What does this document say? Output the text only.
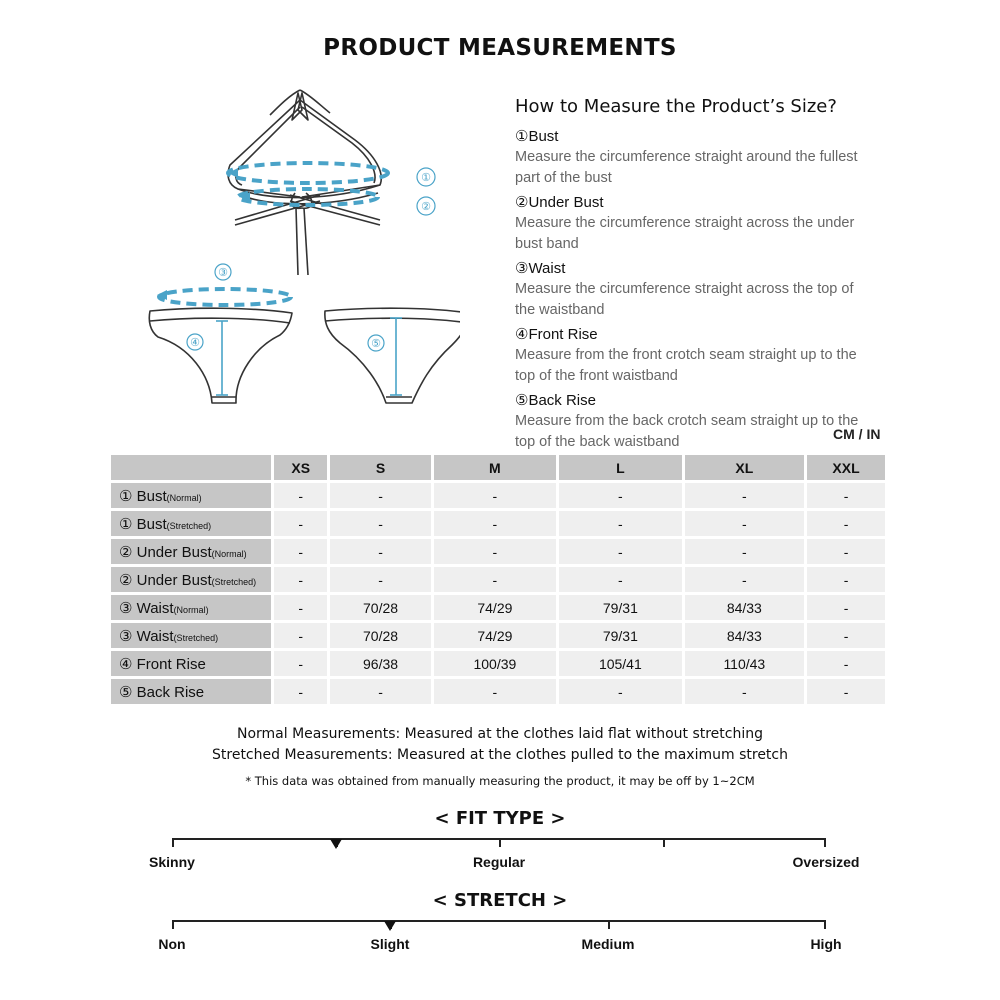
PRODUCT MEASUREMENTS
①
②
③
④	⑤
How to Measure the Product’s Size?
①Bust
Measure the circumference straight around the fullest part of the bust
②Under Bust
Measure the circumference straight across the under bust band
③Waist
Measure the circumference straight across the top of the waistband
④Front Rise
Measure from the front crotch seam straight up to the top of the front waistband
⑤Back Rise
Measure from the back crotch seam straight up to the top of the back waistband	CM / IN
	XS	S	M	L	XL	XXL
① Bust(Normal)	-	-	-	-	-	-
① Bust(Stretched)	-	-	-	-	-	-
② Under Bust(Normal)	-	-	-	-	-	-
② Under Bust(Stretched)	-	-	-	-	-	-
③ Waist(Normal)	-	70/28	74/29	79/31	84/33	-
③ Waist(Stretched)	-	70/28	74/29	79/31	84/33	-
④ Front Rise	-	96/38	100/39	105/41	110/43	-
⑤ Back Rise	-	-	-	-	-	-
Normal Measurements: Measured at the clothes laid flat without stretching
Stretched Measurements: Measured at the clothes pulled to the maximum stretch
* This data was obtained from manually measuring the product, it may be off by 1~2CM
< FIT TYPE >
Skinny	Regular	Oversized
< STRETCH >
Non	Slight	Medium	High
